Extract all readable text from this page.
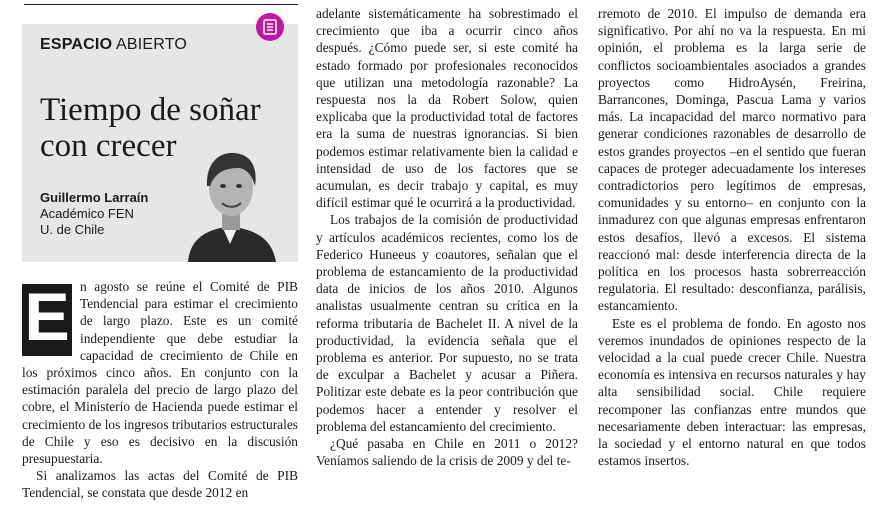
ESPACIO ABIERTO
Tiempo de soñar con crecer
Guillermo Larraín
Académico FEN
U. de Chile

E n agosto se reúne el Comité de PIB Tendencial para estimar el crecimiento de largo plazo. Este es un comité independiente que debe estudiar la capacidad de crecimiento de Chile en los próximos cinco años. En conjunto con la estimación paralela del precio de largo plazo del cobre, el Ministerio de Hacienda puede estimar el crecimiento de los ingresos tributarios estructurales de Chile y eso es decisivo en la discusión presupuestaria.

Si analizamos las actas del Comité de PIB Tendencial, se constata que desde 2012 en

adelante sistemáticamente ha sobrestimado el crecimiento que iba a ocurrir cinco años después. ¿Cómo puede ser, si este comité ha estado formado por profesionales reconocidos que utilizan una metodología razonable? La respuesta nos la da Robert Solow, quien explicaba que la productividad total de factores era la suma de nuestras ignorancias. Si bien podemos estimar relativamente bien la calidad e intensidad de uso de los factores que se acumulan, es decir trabajo y capital, es muy difícil estimar qué le ocurrirá a la productividad.

Los trabajos de la comisión de productividad y artículos académicos recientes, como los de Federico Huneeus y coautores, señalan que el problema de estancamiento de la productividad data de inicios de los años 2010. Algunos analistas usualmente centran su crítica en la reforma tributaria de Bachelet II. A nivel de la productividad, la evidencia señala que el problema es anterior. Por supuesto, no se trata de exculpar a Bachelet y acusar a Piñera. Politizar este debate es la peor contribución que podemos hacer a entender y resolver el problema del estancamiento del crecimiento.

¿Qué pasaba en Chile en 2011 o 2012? Veníamos saliendo de la crisis de 2009 y del te-

rremoto de 2010. El impulso de demanda era significativo. Por ahí no va la respuesta. En mi opinión, el problema es la larga serie de conflictos socioambientales asociados a grandes proyectos como HidroAysén, Freirina, Barrancones, Dominga, Pascua Lama y varios más. La incapacidad del marco normativo para generar condiciones razonables de desarrollo de estos grandes proyectos –en el sentido que fueran capaces de proteger adecuadamente los intereses contradictorios pero legítimos de empresas, comunidades y su entorno– en conjunto con la inmadurez con que algunas empresas enfrentaron estos desafíos, llevó a excesos. El sistema reaccionó mal: desde interferencia directa de la política en los procesos hasta sobrerreacción regulatoria. El resultado: desconfianza, parálisis, estancamiento.

Este es el problema de fondo. En agosto nos veremos inundados de opiniones respecto de la velocidad a la cual puede crecer Chile. Nuestra economía es intensiva en recursos naturales y hay alta sensibilidad social. Chile requiere recomponer las confianzas entre mundos que necesariamente deben interactuar: las empresas, la sociedad y el entorno natural en que todos estamos insertos.
